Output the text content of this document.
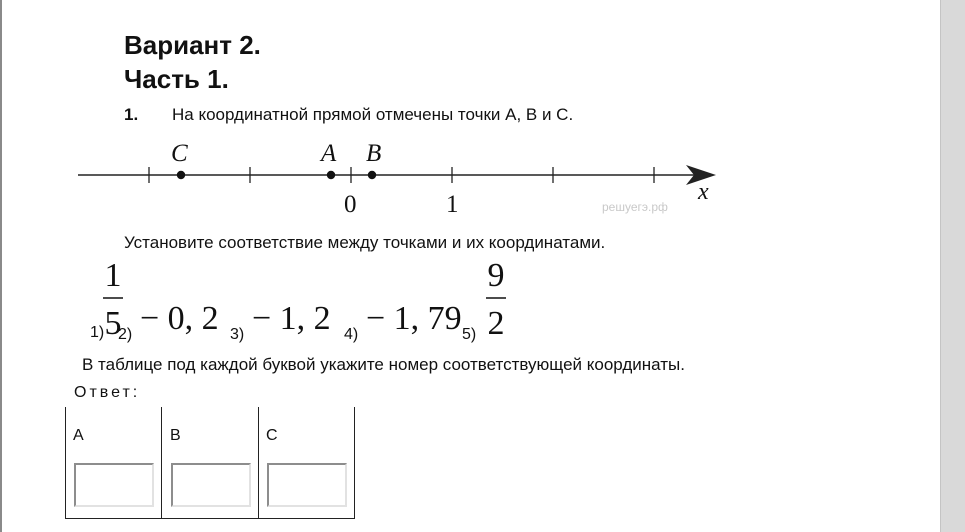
Вариант 2.
Часть 1.
1. На координатной прямой отмечены точки A, B и C.
C	A B
0	1	x
решуегэ.рф
Установите соответствие между точками и их координатами.
1)
1
5
2) − 0, 2 3) − 1, 2 4) − 1, 79 5)
9
2
В таблице под каждой буквой укажите номер соответствующей координаты.
Ответ:
A	B	C
